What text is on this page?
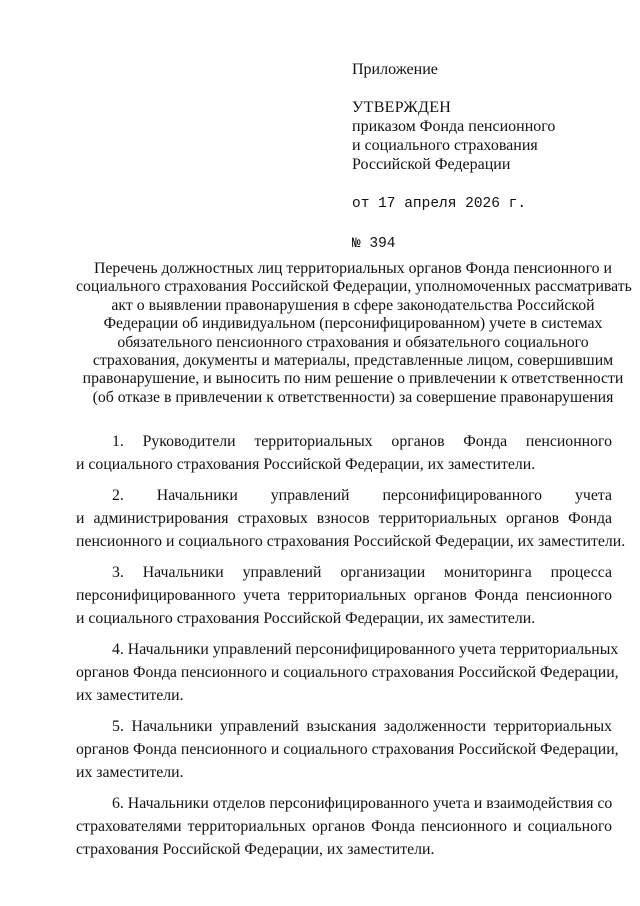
Приложение
УТВЕРЖДЕН
приказом Фонда пенсионного
и социального страхования
Российской Федерации
от 17 апреля 2026 г.
№ 394
Перечень должностных лиц территориальных органов Фонда пенсионного и
социального страхования Российской Федерации, уполномоченных рассматривать
акт о выявлении правонарушения в сфере законодательства Российской
Федерации об индивидуальном (персонифицированном) учете в системах
обязательного пенсионного страхования и обязательного социального
страхования, документы и материалы, представленные лицом, совершившим
правонарушение, и выносить по ним решение о привлечении к ответственности
(об отказе в привлечении к ответственности) за совершение правонарушения
1. Руководители территориальных органов Фонда пенсионного
и социального страхования Российской Федерации, их заместители.
2. Начальники управлений персонифицированного учета
и администрирования страховых взносов территориальных органов Фонда
пенсионного и социального страхования Российской Федерации, их заместители.
3. Начальники управлений организации мониторинга процесса
персонифицированного учета территориальных органов Фонда пенсионного
и социального страхования Российской Федерации, их заместители.
4. Начальники управлений персонифицированного учета территориальных
органов Фонда пенсионного и социального страхования Российской Федерации,
их заместители.
5. Начальники управлений взыскания задолженности территориальных
органов Фонда пенсионного и социального страхования Российской Федерации,
их заместители.
6. Начальники отделов персонифицированного учета и взаимодействия со
страхователями территориальных органов Фонда пенсионного и социального
страхования Российской Федерации, их заместители.
